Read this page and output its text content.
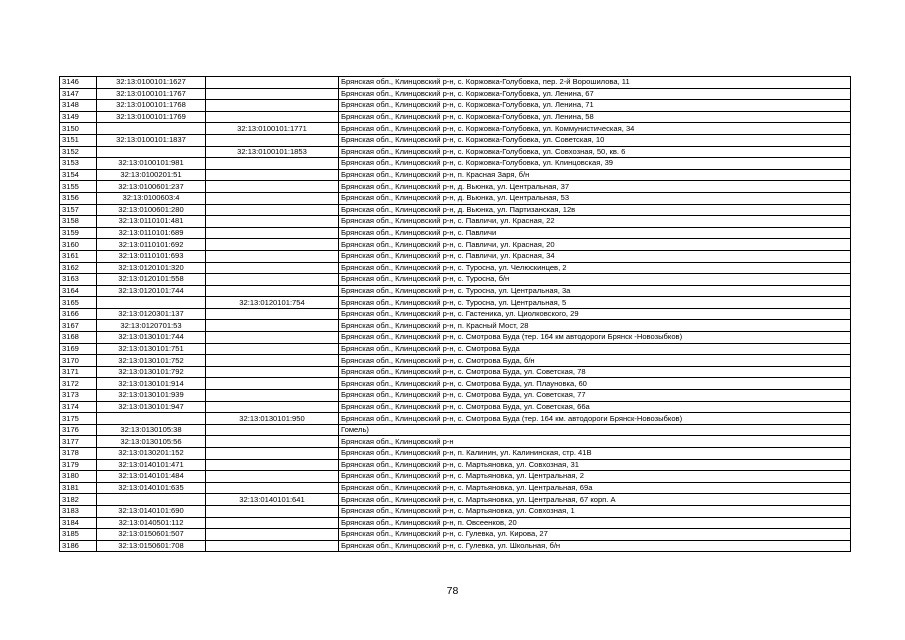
3146	32:13:0100101:1627		Брянская обл., Клинцовский р-н, с. Коржовка-Голубовка, пер. 2-й Ворошилова, 11
3147	32:13:0100101:1767		Брянская обл., Клинцовский р-н, с. Коржовка-Голубовка, ул. Ленина, 67
3148	32:13:0100101:1768		Брянская обл., Клинцовский р-н, с. Коржовка-Голубовка, ул. Ленина, 71
3149	32:13:0100101:1769		Брянская обл., Клинцовский р-н, с. Коржовка-Голубовка, ул. Ленина, 58
3150		32:13:0100101:1771	Брянская обл., Клинцовский р-н, с. Коржовка-Голубовка, ул. Коммунистическая, 34
3151	32:13:0100101:1837		Брянская обл., Клинцовский р-н, с. Коржовка-Голубовка, ул. Советская, 10
3152		32:13:0100101:1853	Брянская обл., Клинцовский р-н, с. Коржовка-Голубовка, ул. Совхозная, 50, кв. 6
3153	32:13:0100101:981		Брянская обл., Клинцовский р-н, с. Коржовка-Голубовка, ул. Клинцовская, 39
3154	32:13:0100201:51		Брянская обл., Клинцовский р-н, п. Красная Заря, б/н
3155	32:13:0100601:237		Брянская обл., Клинцовский р-н, д. Вьюнка, ул. Центральная, 37
3156	32:13:0100603:4		Брянская обл., Клинцовский р-н, д. Вьюнка, ул. Центральная, 53
3157	32:13:0100601:280		Брянская обл., Клинцовский р-н, д. Вьюнка, ул. Партизанская, 12в
3158	32:13:0110101:481		Брянская обл., Клинцовский р-н, с. Павличи, ул. Красная, 22
3159	32:13:0110101:689		Брянская обл., Клинцовский р-н, с. Павличи
3160	32:13:0110101:692		Брянская обл., Клинцовский р-н, с. Павличи, ул. Красная, 20
3161	32:13:0110101:693		Брянская обл., Клинцовский р-н, с. Павличи, ул. Красная, 34
3162	32:13:0120101:320		Брянская обл., Клинцовский р-н, с. Туросна, ул. Челюскинцев, 2
3163	32:13:0120101:558		Брянская обл., Клинцовский р-н, с. Туросна, б/н
3164	32:13:0120101:744		Брянская обл., Клинцовский р-н, с. Туросна, ул. Центральная, 3а
3165		32:13:0120101:754	Брянская обл., Клинцовский р-н, с. Туросна, ул. Центральная, 5
3166	32:13:0120301:137		Брянская обл., Клинцовский р-н, с. Гастеника, ул. Циолковского, 29
3167	32:13:0120701:53		Брянская обл., Клинцовский р-н, п. Красный Мост, 28
3168	32:13:0130101:744		Брянская обл., Клинцовский р-н, с. Смотрова Буда (тер. 164 км автодороги Брянск -Новозыбков)
3169	32:13:0130101:751		Брянская обл., Клинцовский р-н, с. Смотрова Буда
3170	32:13:0130101:752		Брянская обл., Клинцовский р-н, с. Смотрова Буда, б/н
3171	32:13:0130101:792		Брянская обл., Клинцовский р-н, с. Смотрова Буда, ул. Советская, 78
3172	32:13:0130101:914		Брянская обл., Клинцовский р-н, с. Смотрова Буда, ул. Плауновка, 60
3173	32:13:0130101:939		Брянская обл., Клинцовский р-н, с. Смотрова Буда, ул. Советская, 77
3174	32:13:0130101:947		Брянская обл., Клинцовский р-н, с. Смотрова Буда, ул. Советская, 66а
3175		32:13:0130101:950	Брянская обл., Клинцовский р-н, с. Смотрова Буда (тер. 164 км. автодороги Брянск-Новозыбков)
3176	32:13:0130105:38		Гомель)
3177	32:13:0130105:56		Брянская обл., Клинцовский р-н
3178	32:13:0130201:152		Брянская обл., Клинцовский р-н, п. Калинин, ул. Калининская, стр. 41В
3179	32:13:0140101:471		Брянская обл., Клинцовский р-н, с. Мартьяновка, ул. Совхозная, 31
3180	32:13:0140101:484		Брянская обл., Клинцовский р-н, с. Мартьяновка, ул. Центральная, 2
3181	32:13:0140101:635		Брянская обл., Клинцовский р-н, с. Мартьяновка, ул. Центральная, 69а
3182		32:13:0140101:641	Брянская обл., Клинцовский р-н, с. Мартьяновка, ул. Центральная, 67 корп. А
3183	32:13:0140101:690		Брянская обл., Клинцовский р-н, с. Мартьяновка, ул. Совхозная, 1
3184	32:13:0140501:112		Брянская обл., Клинцовский р-н, п. Овсеенков, 20
3185	32:13:0150601:507		Брянская обл., Клинцовский р-н, с. Гулевка, ул. Кирова, 27
3186	32:13:0150601:708		Брянская обл., Клинцовский р-н, с. Гулевка, ул. Школьная, б/н
78
